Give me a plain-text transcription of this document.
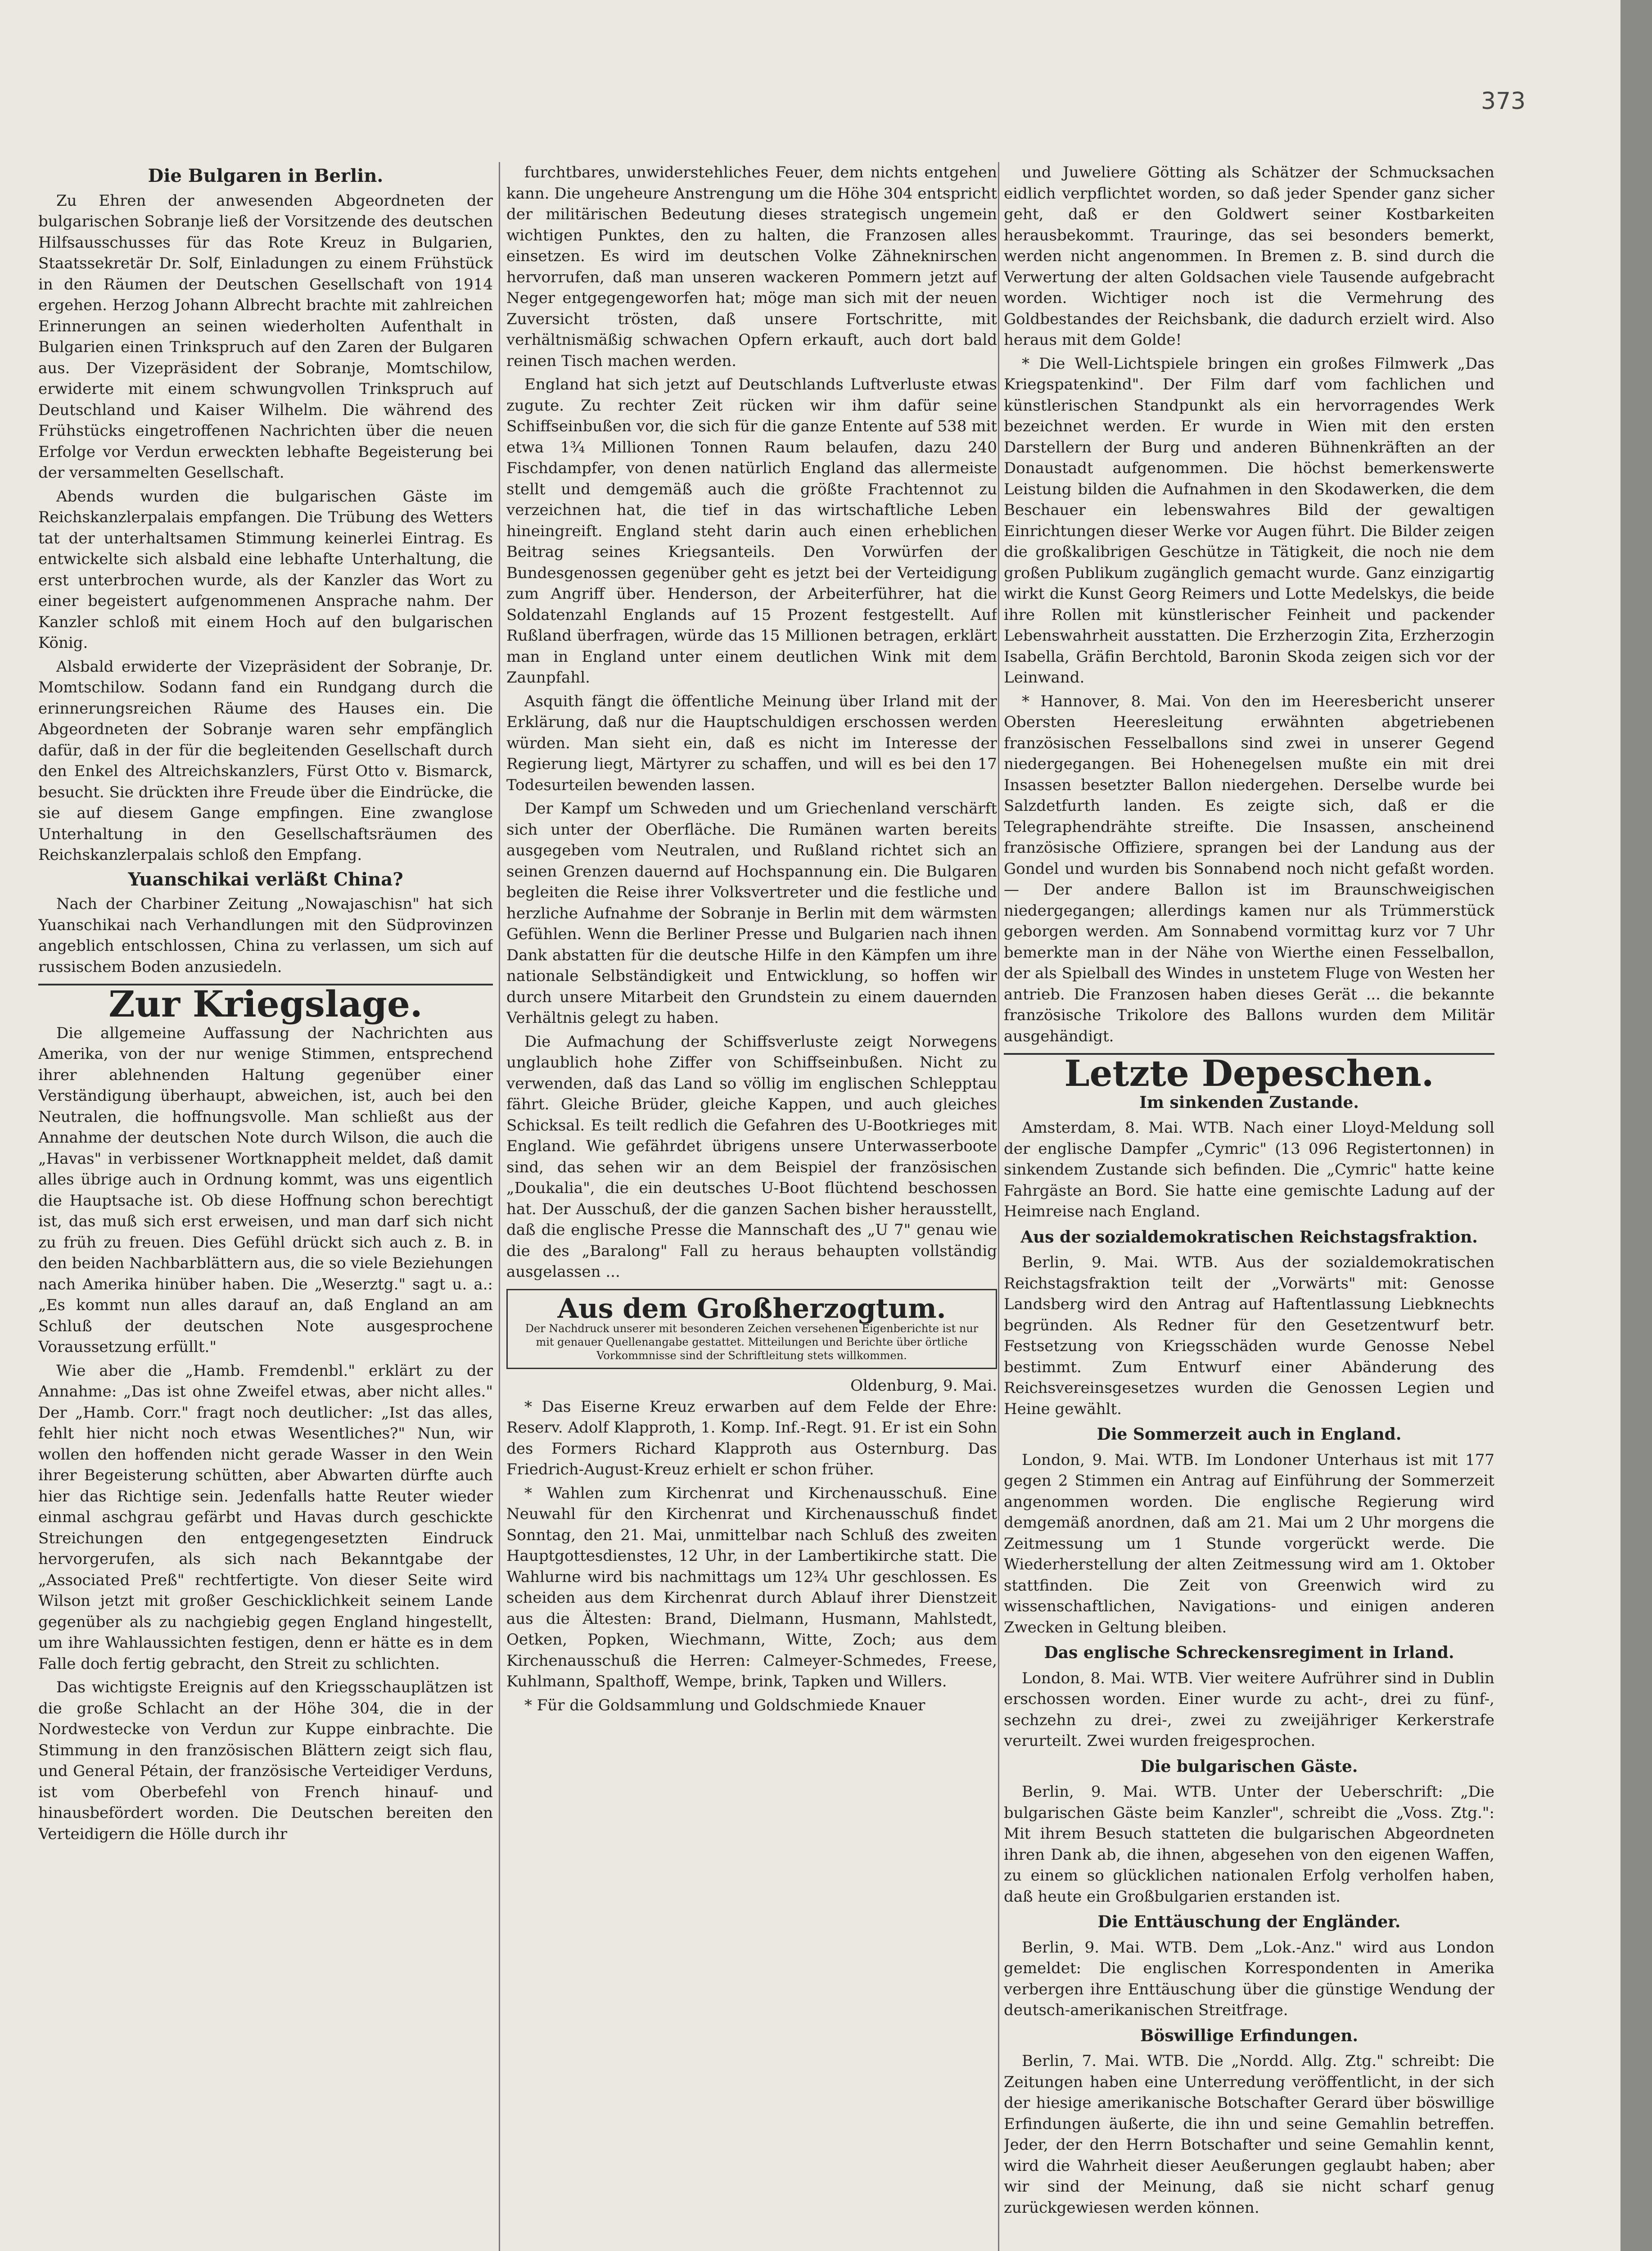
373
Die Bulgaren in Berlin.

Zu Ehren der anwesenden Abgeordneten der bulgarischen Sobranje ließ der Vorsitzende des deutschen Hilfsausschusses für das Rote Kreuz in Bulgarien, Staatssekretär Dr. Solf, Einladungen zu einem Frühstück in den Räumen der Deutschen Gesellschaft von 1914 ergehen. Herzog Johann Albrecht brachte mit zahlreichen Erinnerungen an seinen wiederholten Aufenthalt in Bulgarien einen Trinkspruch auf den Zaren der Bulgaren aus. Der Vizepräsident der Sobranje, Momtschilow, erwiderte mit einem schwungvollen Trinkspruch auf Deutschland und Kaiser Wilhelm. Die während des Frühstücks eingetroffenen Nachrichten über die neuen Erfolge vor Verdun erweckten lebhafte Begeisterung bei der versammelten Gesellschaft.

Abends wurden die bulgarischen Gäste im Reichskanzlerpalais empfangen. Die Trübung des Wetters tat der unterhaltsamen Stimmung keinerlei Eintrag. Es entwickelte sich alsbald eine lebhafte Unterhaltung, die erst unterbrochen wurde, als der Kanzler das Wort zu einer begeistert aufgenommenen Ansprache nahm. Der Kanzler schloß mit einem Hoch auf den bulgarischen König.

Alsbald erwiderte der Vizepräsident der Sobranje, Dr. Momtschilow. Sodann fand ein Rundgang durch die erinnerungsreichen Räume des Hauses ein. Die Abgeordneten der Sobranje waren sehr empfänglich dafür, daß in der für die begleitenden Gesellschaft durch den Enkel des Altreichskanzlers, Fürst Otto v. Bismarck, besucht. Sie drückten ihre Freude über die Eindrücke, die sie auf diesem Gange empfingen. Eine zwanglose Unterhaltung in den Gesellschaftsräumen des Reichskanzlerpalais schloß den Empfang.

Yuanschikai verläßt China?

Nach der Charbiner Zeitung „Nowajaschisn" hat sich Yuanschikai nach Verhandlungen mit den Südprovinzen angeblich entschlossen, China zu verlassen, um sich auf russischem Boden anzusiedeln.

Zur Kriegslage.

Die allgemeine Auffassung der Nachrichten aus Amerika, von der nur wenige Stimmen, entsprechend ihrer ablehnenden Haltung gegenüber einer Verständigung überhaupt, abweichen, ist, auch bei den Neutralen, die hoffnungsvolle. Man schließt aus der Annahme der deutschen Note durch Wilson, die auch die „Havas" in verbissener Wortknappheit meldet, daß damit alles übrige auch in Ordnung kommt, was uns eigentlich die Hauptsache ist. Ob diese Hoffnung schon berechtigt ist, das muß sich erst erweisen, und man darf sich nicht zu früh zu freuen. Dies Gefühl drückt sich auch z. B. in den beiden Nachbarblättern aus, die so viele Beziehungen nach Amerika hinüber haben. Die „Weserztg." sagt u. a.: „Es kommt nun alles darauf an, daß England an am Schluß der deutschen Note ausgesprochene Voraussetzung erfüllt."

Wie aber die „Hamb. Fremdenbl." erklärt zu der Annahme: „Das ist ohne Zweifel etwas, aber nicht alles." Der „Hamb. Corr." fragt noch deutlicher: „Ist das alles, fehlt hier nicht noch etwas Wesentliches?" Nun, wir wollen den hoffenden nicht gerade Wasser in den Wein ihrer Begeisterung schütten, aber Abwarten dürfte auch hier das Richtige sein. Jedenfalls hatte Reuter wieder einmal aschgrau gefärbt und Havas durch geschickte Streichungen den entgegengesetzten Eindruck hervorgerufen, als sich nach Bekanntgabe der „Associated Preß" rechtfertigte. Von dieser Seite wird Wilson jetzt mit großer Geschicklichkeit seinem Lande gegenüber als zu nachgiebig gegen England hingestellt, um ihre Wahlaussichten festigen, denn er hätte es in dem Falle doch fertig gebracht, den Streit zu schlichten.

Das wichtigste Ereignis auf den Kriegsschauplätzen ist die große Schlacht an der Höhe 304, die in der Nordwestecke von Verdun zur Kuppe einbrachte. Die Stimmung in den französischen Blättern zeigt sich flau, und General Pétain, der französische Verteidiger Verduns, ist vom Oberbefehl von French hinauf- und hinausbefördert worden. Die Deutschen bereiten den Verteidigern die Hölle durch ihr

furchtbares, unwiderstehliches Feuer, dem nichts entgehen kann. Die ungeheure Anstrengung um die Höhe 304 entspricht der militärischen Bedeutung dieses strategisch ungemein wichtigen Punktes, den zu halten, die Franzosen alles einsetzen. Es wird im deutschen Volke Zähneknirschen hervorrufen, daß man unseren wackeren Pommern jetzt auf Neger entgegengeworfen hat; möge man sich mit der neuen Zuversicht trösten, daß unsere Fortschritte, mit verhältnismäßig schwachen Opfern erkauft, auch dort bald reinen Tisch machen werden.

England hat sich jetzt auf Deutschlands Luftverluste etwas zugute. Zu rechter Zeit rücken wir ihm dafür seine Schiffseinbußen vor, die sich für die ganze Entente auf 538 mit etwa 1¾ Millionen Tonnen Raum belaufen, dazu 240 Fischdampfer, von denen natürlich England das allermeiste stellt und demgemäß auch die größte Frachtennot zu verzeichnen hat, die tief in das wirtschaftliche Leben hineingreift. England steht darin auch einen erheblichen Beitrag seines Kriegsanteils. Den Vorwürfen der Bundesgenossen gegenüber geht es jetzt bei der Verteidigung zum Angriff über. Henderson, der Arbeiterführer, hat die Soldatenzahl Englands auf 15 Prozent festgestellt. Auf Rußland überfragen, würde das 15 Millionen betragen, erklärt man in England unter einem deutlichen Wink mit dem Zaunpfahl.

Asquith fängt die öffentliche Meinung über Irland mit der Erklärung, daß nur die Hauptschuldigen erschossen werden würden. Man sieht ein, daß es nicht im Interesse der Regierung liegt, Märtyrer zu schaffen, und will es bei den 17 Todesurteilen bewenden lassen.

Der Kampf um Schweden und um Griechenland verschärft sich unter der Oberfläche. Die Rumänen warten bereits ausgegeben vom Neutralen, und Rußland richtet sich an seinen Grenzen dauernd auf Hochspannung ein. Die Bulgaren begleiten die Reise ihrer Volksvertreter und die festliche und herzliche Aufnahme der Sobranje in Berlin mit dem wärmsten Gefühlen. Wenn die Berliner Presse und Bulgarien nach ihnen Dank abstatten für die deutsche Hilfe in den Kämpfen um ihre nationale Selbständigkeit und Entwicklung, so hoffen wir durch unsere Mitarbeit den Grundstein zu einem dauernden Verhältnis gelegt zu haben.

Die Aufmachung der Schiffsverluste zeigt Norwegens unglaublich hohe Ziffer von Schiffseinbußen. Nicht zu verwenden, daß das Land so völlig im englischen Schlepptau fährt. Gleiche Brüder, gleiche Kappen, und auch gleiches Schicksal. Es teilt redlich die Gefahren des U-Bootkrieges mit England. Wie gefährdet übrigens unsere Unterwasserboote sind, das sehen wir an dem Beispiel der französischen „Doukalia", die ein deutsches U-Boot flüchtend beschossen hat. Der Ausschuß, der die ganzen Sachen bisher herausstellt, daß die englische Presse die Mannschaft des „U 7" genau wie die des „Baralong" Fall zu heraus behaupten vollständig ausgelassen ...

Aus dem Großherzogtum.
Der Nachdruck unserer mit besonderen Zeichen versehenen Eigenberichte ist nur mit genauer Quellenangabe gestattet. Mitteilungen und Berichte über örtliche Vorkommnisse sind der Schriftleitung stets willkommen.
Oldenburg, 9. Mai.

* Das Eiserne Kreuz erwarben auf dem Felde der Ehre: Reserv. Adolf Klapproth, 1. Komp. Inf.-Regt. 91. Er ist ein Sohn des Formers Richard Klapproth aus Osternburg. Das Friedrich-August-Kreuz erhielt er schon früher.

* Wahlen zum Kirchenrat und Kirchenausschuß. Eine Neuwahl für den Kirchenrat und Kirchenausschuß findet Sonntag, den 21. Mai, unmittelbar nach Schluß des zweiten Hauptgottesdienstes, 12 Uhr, in der Lambertikirche statt. Die Wahlurne wird bis nachmittags um 12¾ Uhr geschlossen. Es scheiden aus dem Kirchenrat durch Ablauf ihrer Dienstzeit aus die Ältesten: Brand, Dielmann, Husmann, Mahlstedt, Oetken, Popken, Wiechmann, Witte, Zoch; aus dem Kirchenausschuß die Herren: Calmeyer-Schmedes, Freese, Kuhlmann, Spalthoff, Wempe, brink, Tapken und Willers.

* Für die Goldsammlung und Goldschmiede Knauer

und Juweliere Götting als Schätzer der Schmucksachen eidlich verpflichtet worden, so daß jeder Spender ganz sicher geht, daß er den Goldwert seiner Kostbarkeiten herausbekommt. Trauringe, das sei besonders bemerkt, werden nicht angenommen. In Bremen z. B. sind durch die Verwertung der alten Goldsachen viele Tausende aufgebracht worden. Wichtiger noch ist die Vermehrung des Goldbestandes der Reichsbank, die dadurch erzielt wird. Also heraus mit dem Golde!

* Die Well-Lichtspiele bringen ein großes Filmwerk „Das Kriegspatenkind". Der Film darf vom fachlichen und künstlerischen Standpunkt als ein hervorragendes Werk bezeichnet werden. Er wurde in Wien mit den ersten Darstellern der Burg und anderen Bühnenkräften an der Donaustadt aufgenommen. Die höchst bemerkenswerte Leistung bilden die Aufnahmen in den Skodawerken, die dem Beschauer ein lebenswahres Bild der gewaltigen Einrichtungen dieser Werke vor Augen führt. Die Bilder zeigen die großkalibrigen Geschütze in Tätigkeit, die noch nie dem großen Publikum zugänglich gemacht wurde. Ganz einzigartig wirkt die Kunst Georg Reimers und Lotte Medelskys, die beide ihre Rollen mit künstlerischer Feinheit und packender Lebenswahrheit ausstatten. Die Erzherzogin Zita, Erzherzogin Isabella, Gräfin Berchtold, Baronin Skoda zeigen sich vor der Leinwand.

* Hannover, 8. Mai. Von den im Heeresbericht unserer Obersten Heeresleitung erwähnten abgetriebenen französischen Fesselballons sind zwei in unserer Gegend niedergegangen. Bei Hohenegelsen mußte ein mit drei Insassen besetzter Ballon niedergehen. Derselbe wurde bei Salzdetfurth landen. Es zeigte sich, daß er die Telegraphendrähte streifte. Die Insassen, anscheinend französische Offiziere, sprangen bei der Landung aus der Gondel und wurden bis Sonnabend noch nicht gefaßt worden. — Der andere Ballon ist im Braunschweigischen niedergegangen; allerdings kamen nur als Trümmerstück geborgen werden. Am Sonnabend vormittag kurz vor 7 Uhr bemerkte man in der Nähe von Wierthe einen Fesselballon, der als Spielball des Windes in unstetem Fluge von Westen her antrieb. Die Franzosen haben dieses Gerät ... die bekannte französische Trikolore des Ballons wurden dem Militär ausgehändigt.

Letzte Depeschen.
Im sinkenden Zustande.

Amsterdam, 8. Mai. WTB. Nach einer Lloyd-Meldung soll der englische Dampfer „Cymric" (13 096 Registertonnen) in sinkendem Zustande sich befinden. Die „Cymric" hatte keine Fahrgäste an Bord. Sie hatte eine gemischte Ladung auf der Heimreise nach England.

Aus der sozialdemokratischen Reichstagsfraktion.

Berlin, 9. Mai. WTB. Aus der sozialdemokratischen Reichstagsfraktion teilt der „Vorwärts" mit: Genosse Landsberg wird den Antrag auf Haftentlassung Liebknechts begründen. Als Redner für den Gesetzentwurf betr. Festsetzung von Kriegsschäden wurde Genosse Nebel bestimmt. Zum Entwurf einer Abänderung des Reichsvereinsgesetzes wurden die Genossen Legien und Heine gewählt.

Die Sommerzeit auch in England.

London, 9. Mai. WTB. Im Londoner Unterhaus ist mit 177 gegen 2 Stimmen ein Antrag auf Einführung der Sommerzeit angenommen worden. Die englische Regierung wird demgemäß anordnen, daß am 21. Mai um 2 Uhr morgens die Zeitmessung um 1 Stunde vorgerückt werde. Die Wiederherstellung der alten Zeitmessung wird am 1. Oktober stattfinden. Die Zeit von Greenwich wird zu wissenschaftlichen, Navigations- und einigen anderen Zwecken in Geltung bleiben.

Das englische Schreckensregiment in Irland.

London, 8. Mai. WTB. Vier weitere Aufrührer sind in Dublin erschossen worden. Einer wurde zu acht-, drei zu fünf-, sechzehn zu drei-, zwei zu zweijähriger Kerkerstrafe verurteilt. Zwei wurden freigesprochen.

Die bulgarischen Gäste.

Berlin, 9. Mai. WTB. Unter der Ueberschrift: „Die bulgarischen Gäste beim Kanzler", schreibt die „Voss. Ztg.": Mit ihrem Besuch statteten die bulgarischen Abgeordneten ihren Dank ab, die ihnen, abgesehen von den eigenen Waffen, zu einem so glücklichen nationalen Erfolg verholfen haben, daß heute ein Großbulgarien erstanden ist.

Die Enttäuschung der Engländer.

Berlin, 9. Mai. WTB. Dem „Lok.-Anz." wird aus London gemeldet: Die englischen Korrespondenten in Amerika verbergen ihre Enttäuschung über die günstige Wendung der deutsch-amerikanischen Streitfrage.

Böswillige Erfindungen.

Berlin, 7. Mai. WTB. Die „Nordd. Allg. Ztg." schreibt: Die Zeitungen haben eine Unterredung veröffentlicht, in der sich der hiesige amerikanische Botschafter Gerard über böswillige Erfindungen äußerte, die ihn und seine Gemahlin betreffen. Jeder, der den Herrn Botschafter und seine Gemahlin kennt, wird die Wahrheit dieser Aeußerungen geglaubt haben; aber wir sind der Meinung, daß sie nicht scharf genug zurückgewiesen werden können.
